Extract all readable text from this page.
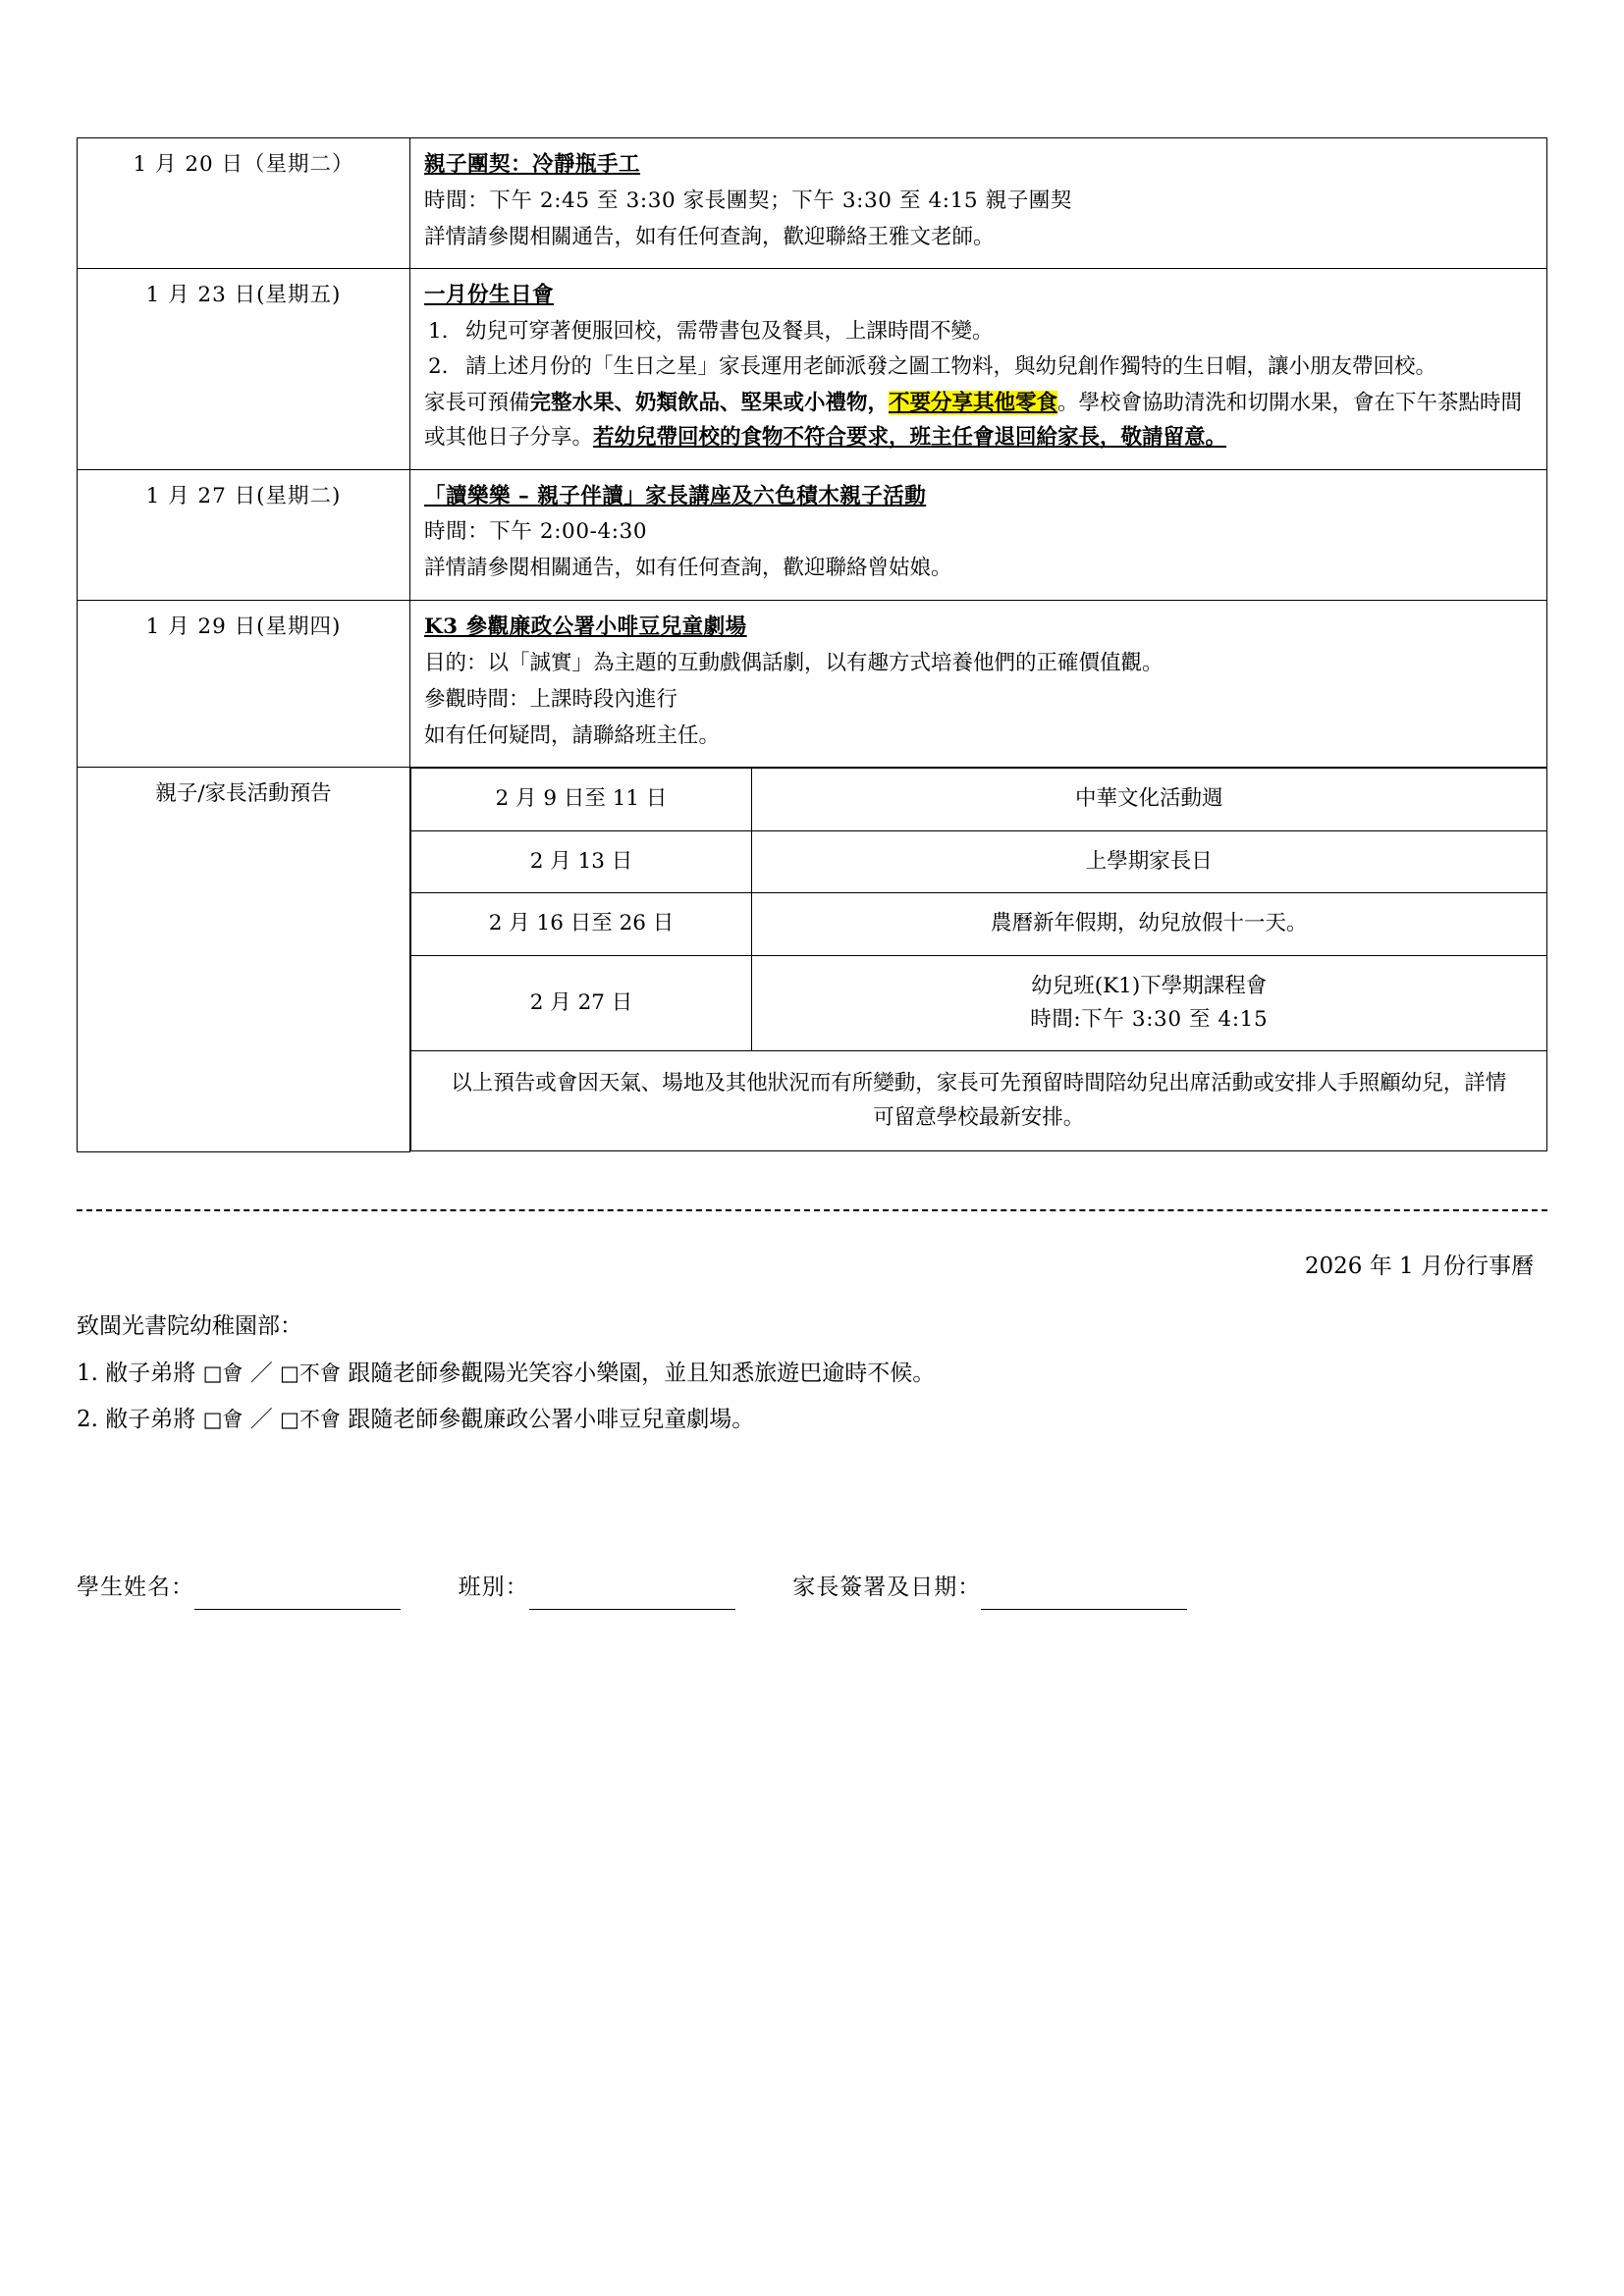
1 月 20 日（星期二）	親子團契：冷靜瓶手工
時間：下午 2:45 至 3:30 家長團契；下午 3:30 至 4:15 親子團契
詳情請參閱相關通告，如有任何查詢，歡迎聯絡王雅文老師。

1 月 23 日(星期五)	一月份生日會
1. 幼兒可穿著便服回校，需帶書包及餐具，上課時間不變。
2. 請上述月份的「生日之星」家長運用老師派發之圖工物料，與幼兒創作獨特的生日帽，讓小朋友帶回校。
家長可預備完整水果、奶類飲品、堅果或小禮物，不要分享其他零食。學校會協助清洗和切開水果，會在下午茶點時間或其他日子分享。若幼兒帶回校的食物不符合要求，班主任會退回給家長，敬請留意。

1 月 27 日(星期二)	「讀樂樂 – 親子伴讀」家長講座及六色積木親子活動
時間：下午 2:00-4:30
詳情請參閱相關通告，如有任何查詢，歡迎聯絡曾姑娘。

1 月 29 日(星期四)	K3 參觀廉政公署小啡豆兒童劇場
目的：以「誠實」為主題的互動戲偶話劇，以有趣方式培養他們的正確價值觀。
參觀時間：上課時段內進行
如有任何疑問，請聯絡班主任。

親子/家長活動預告		2 月 9 日至 11 日	中華文化活動週
2 月 13 日	上學期家長日
2 月 16 日至 26 日	農曆新年假期，幼兒放假十一天。
2 月 27 日	
幼兒班(K1)下學期課程會
時間:下午 3:30 至 4:15

以上預告或會因天氣、場地及其他狀況而有所變動，家長可先預留時間陪幼兒出席活動或安排人手照顧幼兒，詳情可留意學校最新安排。
2026 年 1 月份行事曆
致閩光書院幼稚園部：
1. 敝子弟將 □會 ／ □不會 跟隨老師參觀陽光笑容小樂園，並且知悉旅遊巴逾時不候。
2. 敝子弟將 □會 ／ □不會 跟隨老師參觀廉政公署小啡豆兒童劇場。
學生姓名：	班別：	家長簽署及日期：
